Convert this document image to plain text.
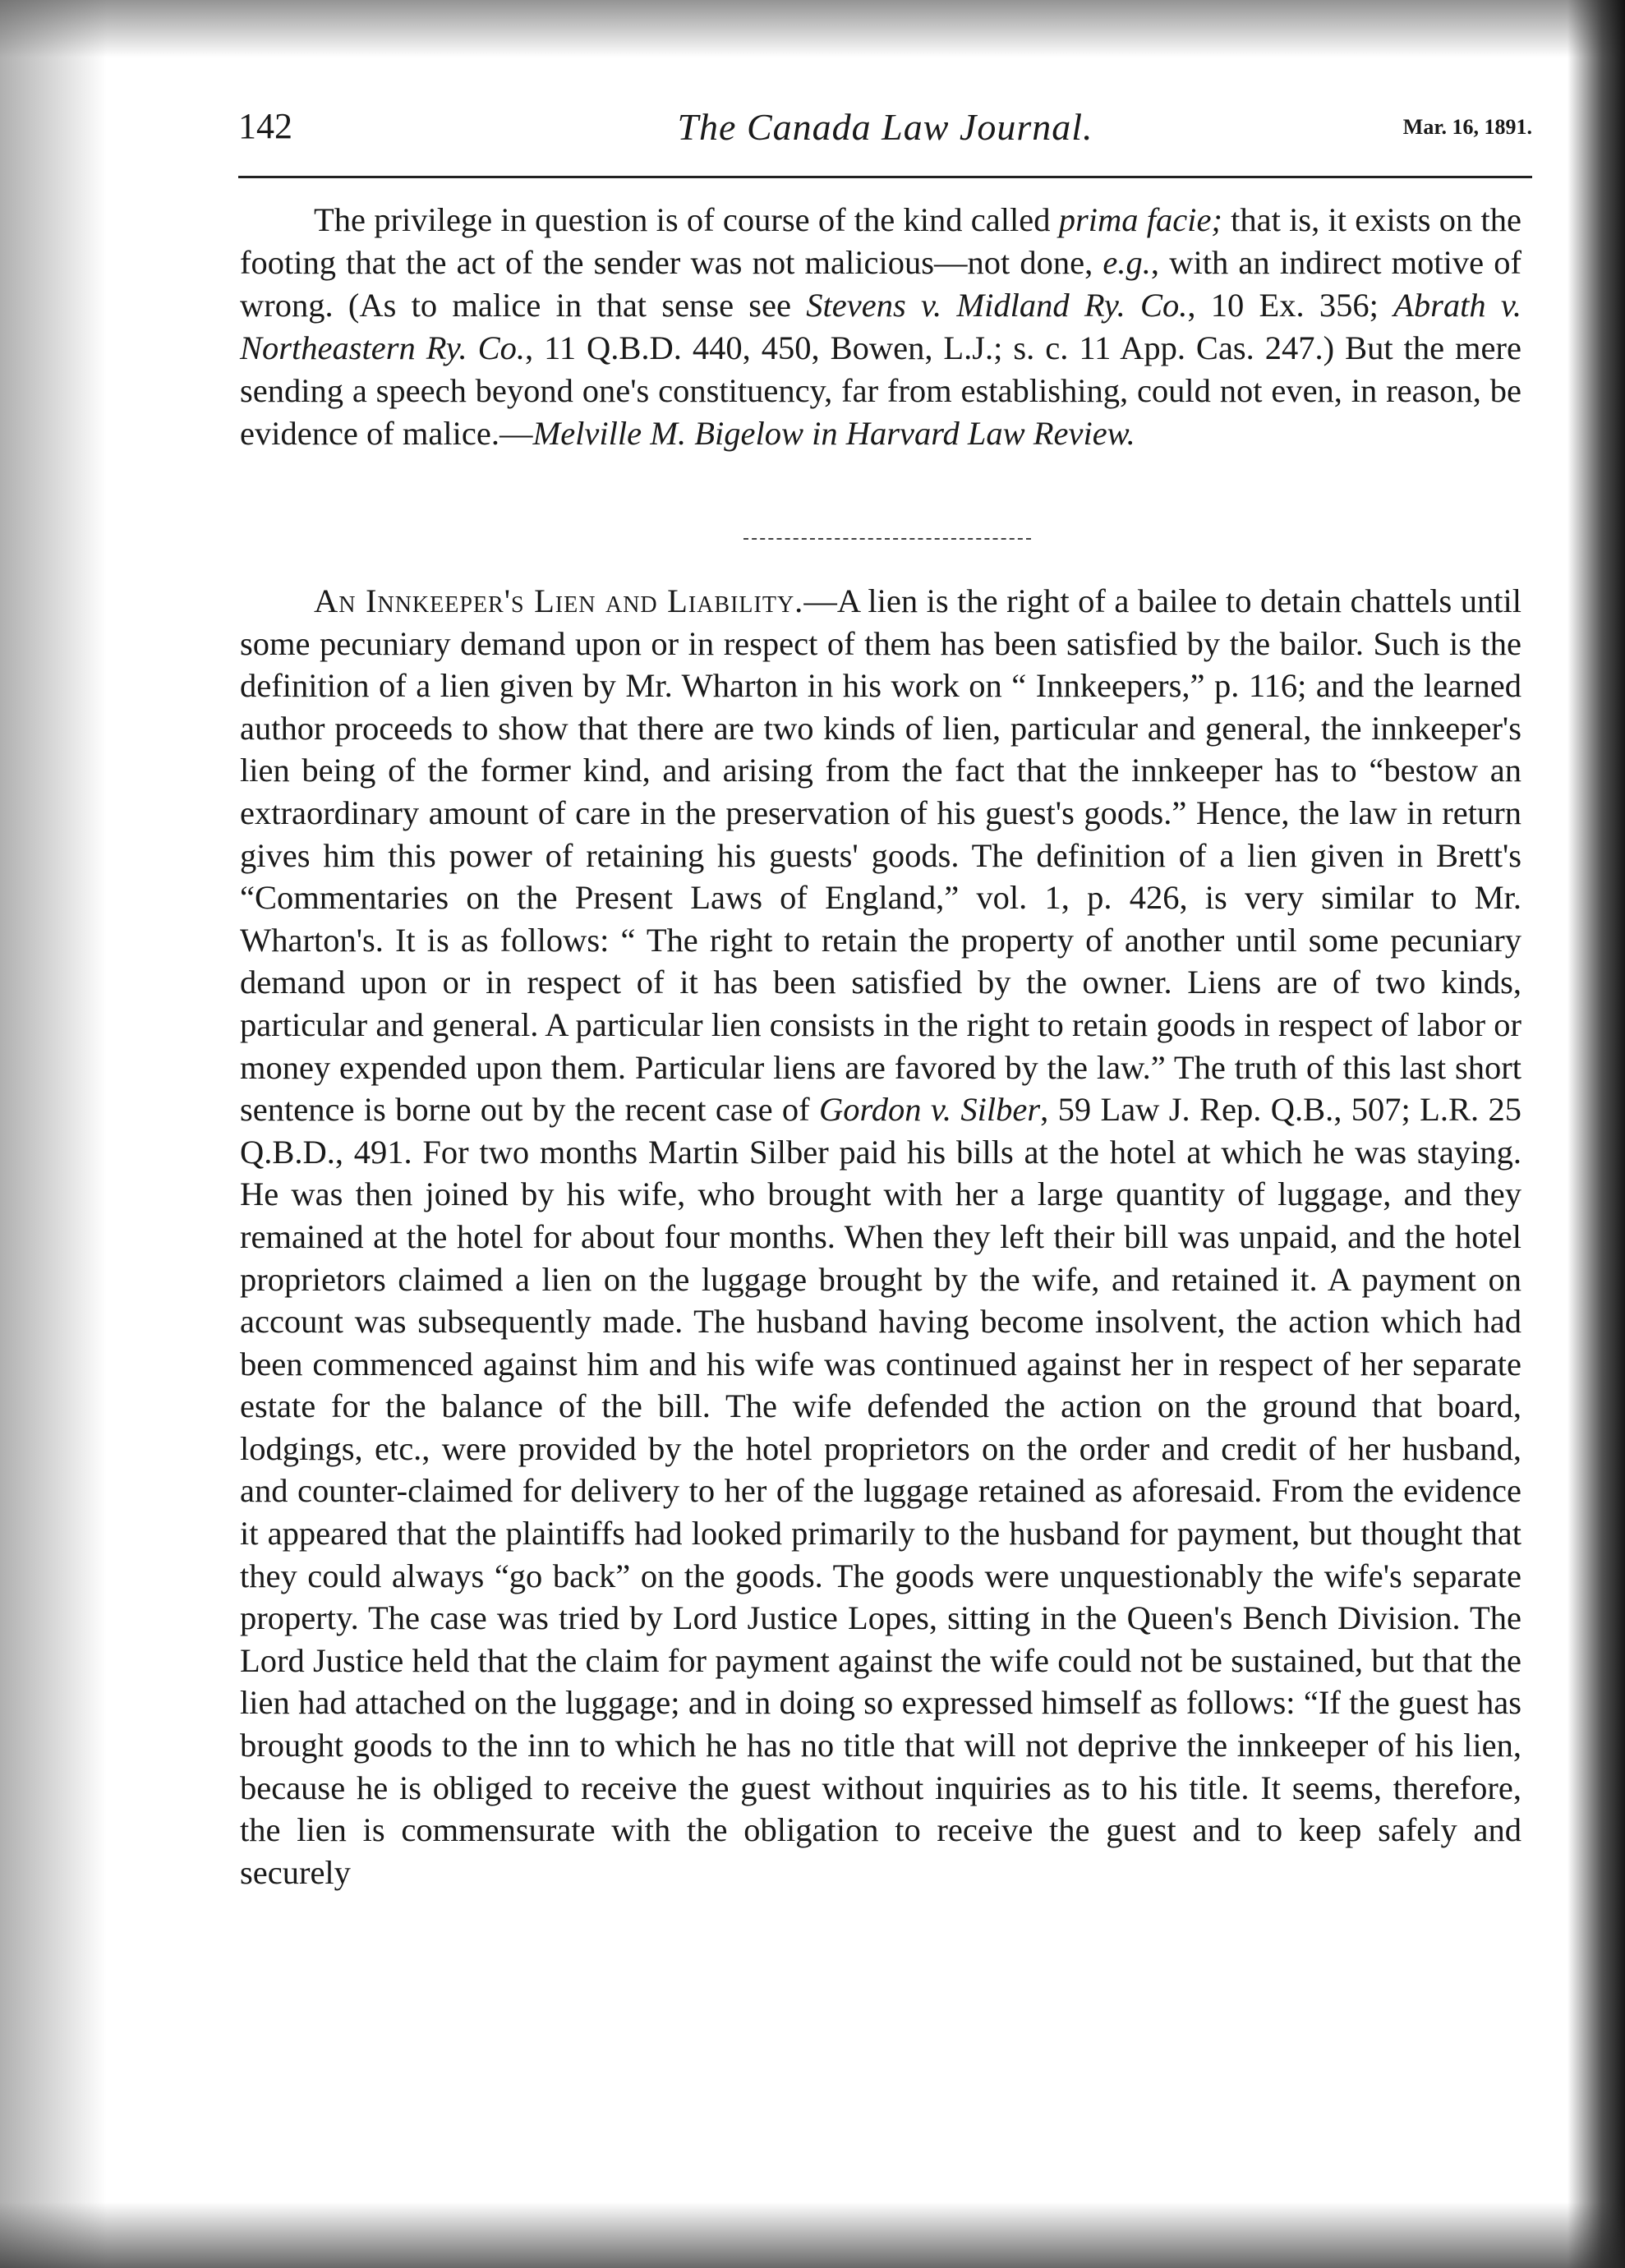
142	The Canada Law Journal.	Mar. 16, 1891.

The privilege in question is of course of the kind called prima facie; that is, it exists on the footing that the act of the sender was not malicious—not done, e.g., with an indirect motive of wrong. (As to malice in that sense see Stevens v. Midland Ry. Co., 10 Ex. 356; Abrath v. Northeastern Ry. Co., 11 Q.B.D. 440, 450, Bowen, L.J.; s. c. 11 App. Cas. 247.) But the mere sending a speech beyond one's constituency, far from establishing, could not even, in reason, be evidence of malice.—Melville M. Bigelow in Harvard Law Review.

An Innkeeper's Lien and Liability.—A lien is the right of a bailee to detain chattels until some pecuniary demand upon or in respect of them has been satisfied by the bailor. Such is the definition of a lien given by Mr. Wharton in his work on “ Innkeepers,” p. 116; and the learned author proceeds to show that there are two kinds of lien, particular and general, the innkeeper's lien being of the former kind, and arising from the fact that the innkeeper has to “bestow an extraordinary amount of care in the preservation of his guest's goods.” Hence, the law in return gives him this power of retaining his guests' goods. The definition of a lien given in Brett's “Commentaries on the Present Laws of England,” vol. 1, p. 426, is very similar to Mr. Wharton's. It is as follows: “ The right to retain the property of another until some pecuniary demand upon or in respect of it has been satisfied by the owner. Liens are of two kinds, particular and general. A particular lien consists in the right to retain goods in respect of labor or money expended upon them. Particular liens are favored by the law.” The truth of this last short sentence is borne out by the recent case of Gordon v. Silber, 59 Law J. Rep. Q.B., 507; L.R. 25 Q.B.D., 491. For two months Martin Silber paid his bills at the hotel at which he was staying. He was then joined by his wife, who brought with her a large quantity of luggage, and they remained at the hotel for about four months. When they left their bill was unpaid, and the hotel proprietors claimed a lien on the luggage brought by the wife, and retained it. A payment on account was subsequently made. The husband having become insolvent, the action which had been commenced against him and his wife was continued against her in respect of her separate estate for the balance of the bill. The wife defended the action on the ground that board, lodgings, etc., were provided by the hotel proprietors on the order and credit of her husband, and counter-claimed for delivery to her of the luggage retained as aforesaid. From the evidence it appeared that the plaintiffs had looked primarily to the husband for payment, but thought that they could always “go back” on the goods. The goods were unquestionably the wife's separate property. The case was tried by Lord Justice Lopes, sitting in the Queen's Bench Division. The Lord Justice held that the claim for payment against the wife could not be sustained, but that the lien had attached on the luggage; and in doing so expressed himself as follows: “If the guest has brought goods to the inn to which he has no title that will not deprive the innkeeper of his lien, because he is obliged to receive the guest without inquiries as to his title. It seems, therefore, the lien is commensurate with the obligation to receive the guest and to keep safely and securely
